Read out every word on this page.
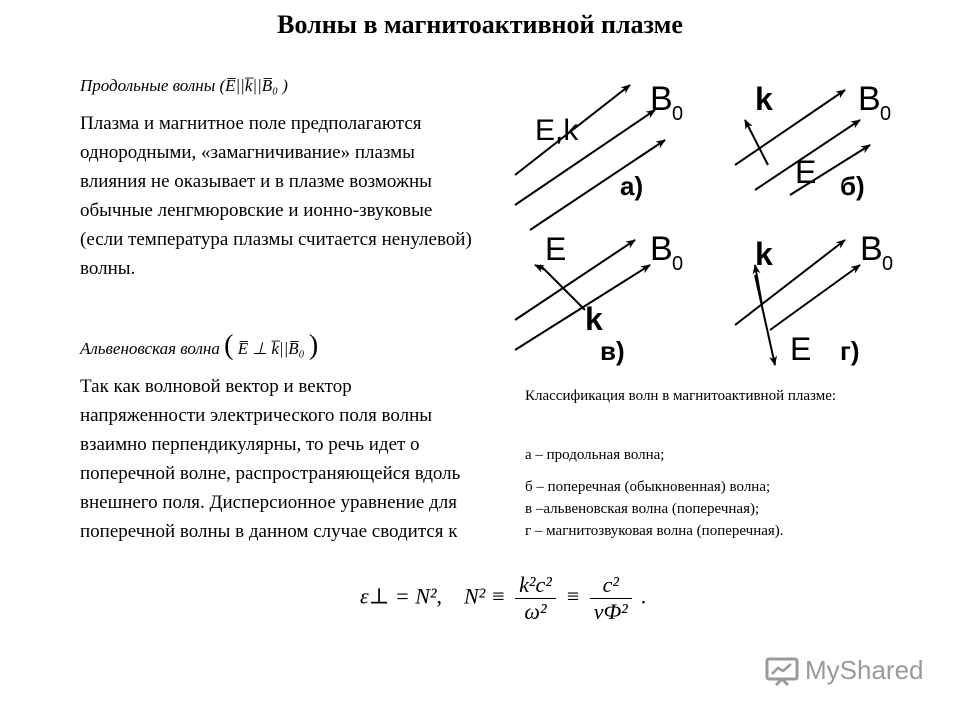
Волны в магнитоактивной плазме
Продольные волны (E̅||k̅||B̅₀ )
Плазма и магнитное поле предполагаются однородными, «замагничивание» плазмы влияния не оказывает и в плазме возможны обычные ленгмюровские и ионно-звуковые (если температура плазмы считается ненулевой) волны.
Альвеновская волна ( E̅ ⊥ k̅||B̅₀ )
Так как волновой вектор и вектор напряженности электрического поля волны взаимно перпендикулярны, то речь идет о поперечной волне, распространяющейся вдоль внешнего поля. Дисперсионное уравнение для поперечной волны в данном случае сводится к
E,k
B 0
а)
k	B 0
E б)
E B 0
k
в)
k	B 0
E г)
Классификация волн в магнитоактивной плазме:
а – продольная волна;
б – поперечная (обыкновенная) волна;
в –альвеновская волна (поперечная);
г – магнитозвуковая волна (поперечная).
ε⊥ = N², $N^2 \equiv \frac{\text{k²c²}}{\text{ω²}} \equiv \frac{\text{c²}}{\text{vФ²}}$ .
MyShared
